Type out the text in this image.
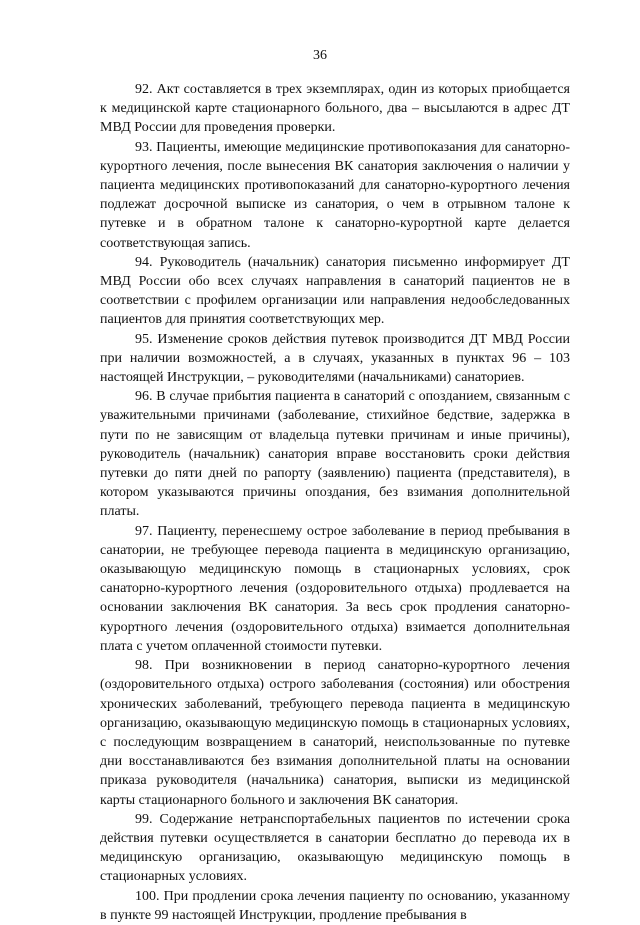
36

92. Акт составляется в трех экземплярах, один из которых приобщается к медицинской карте стационарного больного, два – высылаются в адрес ДТ МВД России для проведения проверки.

93. Пациенты, имеющие медицинские противопоказания для санаторно-курортного лечения, после вынесения ВК санатория заключения о наличии у пациента медицинских противопоказаний для санаторно-курортного лечения подлежат досрочной выписке из санатория, о чем в отрывном талоне к путевке и в обратном талоне к санаторно-курортной карте делается соответствующая запись.

94. Руководитель (начальник) санатория письменно информирует ДТ МВД России обо всех случаях направления в санаторий пациентов не в соответствии с профилем организации или направления недообследованных пациентов для принятия соответствующих мер.

95. Изменение сроков действия путевок производится ДТ МВД России при наличии возможностей, а в случаях, указанных в пунктах 96 – 103 настоящей Инструкции, – руководителями (начальниками) санаториев.

96. В случае прибытия пациента в санаторий с опозданием, связанным с уважительными причинами (заболевание, стихийное бедствие, задержка в пути по не зависящим от владельца путевки причинам и иные причины), руководитель (начальник) санатория вправе восстановить сроки действия путевки до пяти дней по рапорту (заявлению) пациента (представителя), в котором указываются причины опоздания, без взимания дополнительной платы.

97. Пациенту, перенесшему острое заболевание в период пребывания в санатории, не требующее перевода пациента в медицинскую организацию, оказывающую медицинскую помощь в стационарных условиях, срок санаторно-курортного лечения (оздоровительного отдыха) продлевается на основании заключения ВК санатория. За весь срок продления санаторно-курортного лечения (оздоровительного отдыха) взимается дополнительная плата с учетом оплаченной стоимости путевки.

98. При возникновении в период санаторно-курортного лечения (оздоровительного отдыха) острого заболевания (состояния) или обострения хронических заболеваний, требующего перевода пациента в медицинскую организацию, оказывающую медицинскую помощь в стационарных условиях, с последующим возвращением в санаторий, неиспользованные по путевке дни восстанавливаются без взимания дополнительной платы на основании приказа руководителя (начальника) санатория, выписки из медицинской карты стационарного больного и заключения ВК санатория.

99. Содержание нетранспортабельных пациентов по истечении срока действия путевки осуществляется в санатории бесплатно до перевода их в медицинскую организацию, оказывающую медицинскую помощь в стационарных условиях.

100. При продлении срока лечения пациенту по основанию, указанному в пункте 99 настоящей Инструкции, продление пребывания в
